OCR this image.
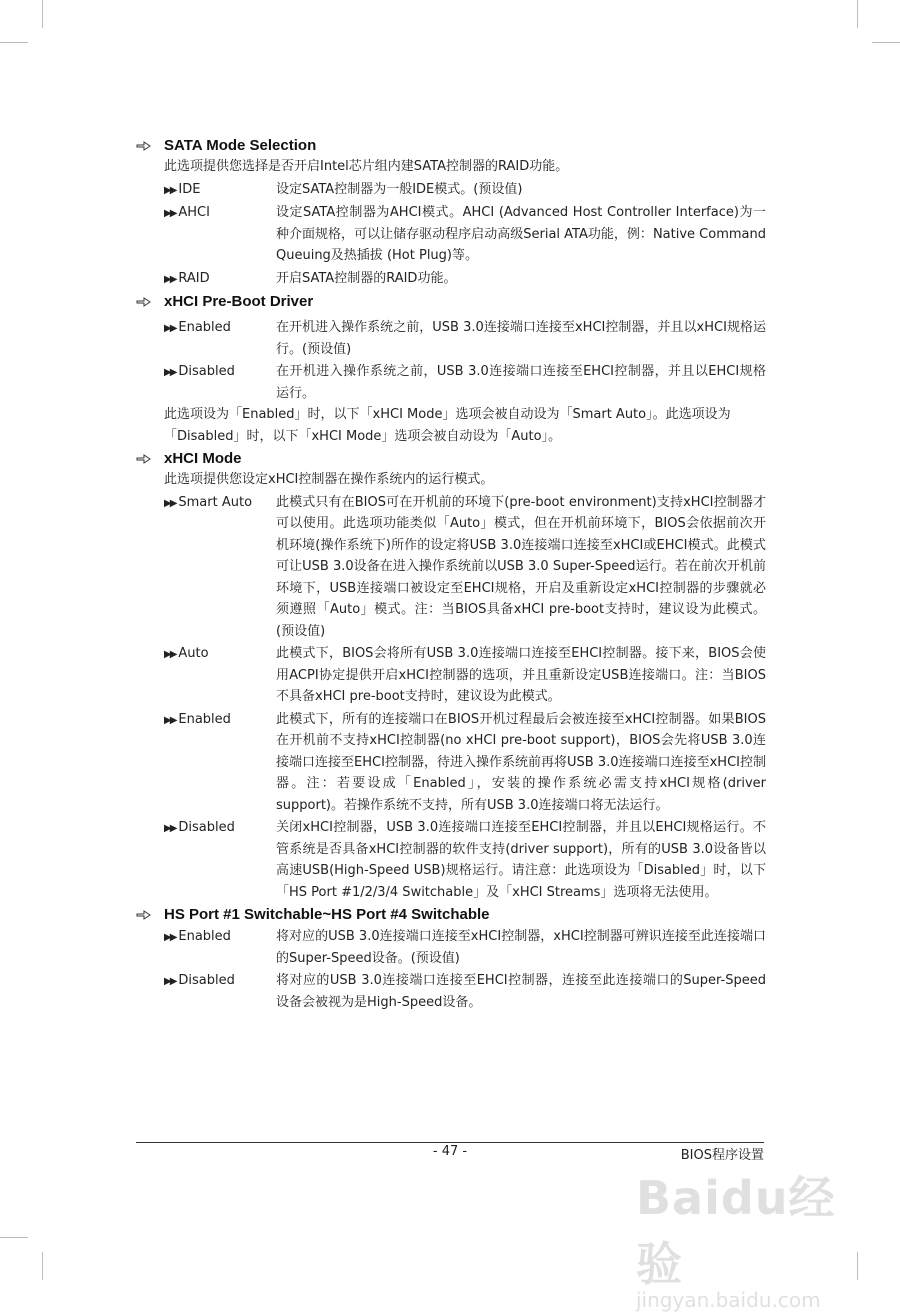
SATA Mode Selection
此选项提供您选择是否开启Intel芯片组内建SATA控制器的RAID功能。
▶▶ IDE	设定SATA控制器为一般IDE模式。(预设值)
▶▶ AHCI	设定SATA控制器为AHCI模式。AHCI (Advanced Host Controller Interface)为一种介面规格，可以让储存驱动程序启动高级Serial ATA功能，例：Native Command Queuing及热插拔 (Hot Plug)等。
▶▶ RAID	开启SATA控制器的RAID功能。
xHCI Pre-Boot Driver
▶▶ Enabled	在开机进入操作系统之前，USB 3.0连接端口连接至xHCI控制器，并且以xHCI规格运行。(预设值)
▶▶ Disabled	在开机进入操作系统之前，USB 3.0连接端口连接至EHCI控制器，并且以EHCI规格运行。
此选项设为「Enabled」时，以下「xHCI Mode」选项会被自动设为「Smart Auto」。此选项设为「Disabled」时，以下「xHCI Mode」选项会被自动设为「Auto」。
xHCI Mode
此选项提供您设定xHCI控制器在操作系统内的运行模式。
▶▶ Smart Auto	此模式只有在BIOS可在开机前的环境下(pre-boot environment)支持xHCI控制器才可以使用。此选项功能类似「Auto」模式，但在开机前环境下，BIOS会依据前次开机环境(操作系统下)所作的设定将USB 3.0连接端口连接至xHCI或EHCI模式。此模式可让USB 3.0设备在进入操作系统前以USB 3.0 Super-Speed运行。若在前次开机前环境下，USB连接端口被设定至EHCI规格，开启及重新设定xHCI控制器的步骤就必须遵照「Auto」模式。注：当BIOS具备xHCI pre-boot支持时，建议设为此模式。(预设值)
▶▶ Auto	此模式下，BIOS会将所有USB 3.0连接端口连接至EHCI控制器。接下来，BIOS会使用ACPI协定提供开启xHCI控制器的选项，并且重新设定USB连接端口。注：当BIOS不具备xHCI pre-boot支持时，建议设为此模式。
▶▶ Enabled	此模式下，所有的连接端口在BIOS开机过程最后会被连接至xHCI控制器。如果BIOS在开机前不支持xHCI控制器(no xHCI pre-boot support)，BIOS会先将USB 3.0连接端口连接至EHCI控制器，待进入操作系统前再将USB 3.0连接端口连接至xHCI控制器。注：若要设成「Enabled」，安装的操作系统必需支持xHCI规格(driver support)。若操作系统不支持，所有USB 3.0连接端口将无法运行。
▶▶ Disabled	关闭xHCI控制器，USB 3.0连接端口连接至EHCI控制器，并且以EHCI规格运行。不管系统是否具备xHCI控制器的软件支持(driver support)，所有的USB 3.0设备皆以高速USB(High-Speed USB)规格运行。请注意：此选项设为「Disabled」时，以下「HS Port #1/2/3/4 Switchable」及「xHCI Streams」选项将无法使用。
HS Port #1 Switchable~HS Port #4 Switchable
▶▶ Enabled	将对应的USB 3.0连接端口连接至xHCI控制器，xHCI控制器可辨识连接至此连接端口的Super-Speed设备。(预设值)
▶▶ Disabled	将对应的USB 3.0连接端口连接至EHCI控制器，连接至此连接端口的Super-Speed设备会被视为是High-Speed设备。
- 47 -	BIOS程序设置
Baidu经验
jingyan.baidu.com
